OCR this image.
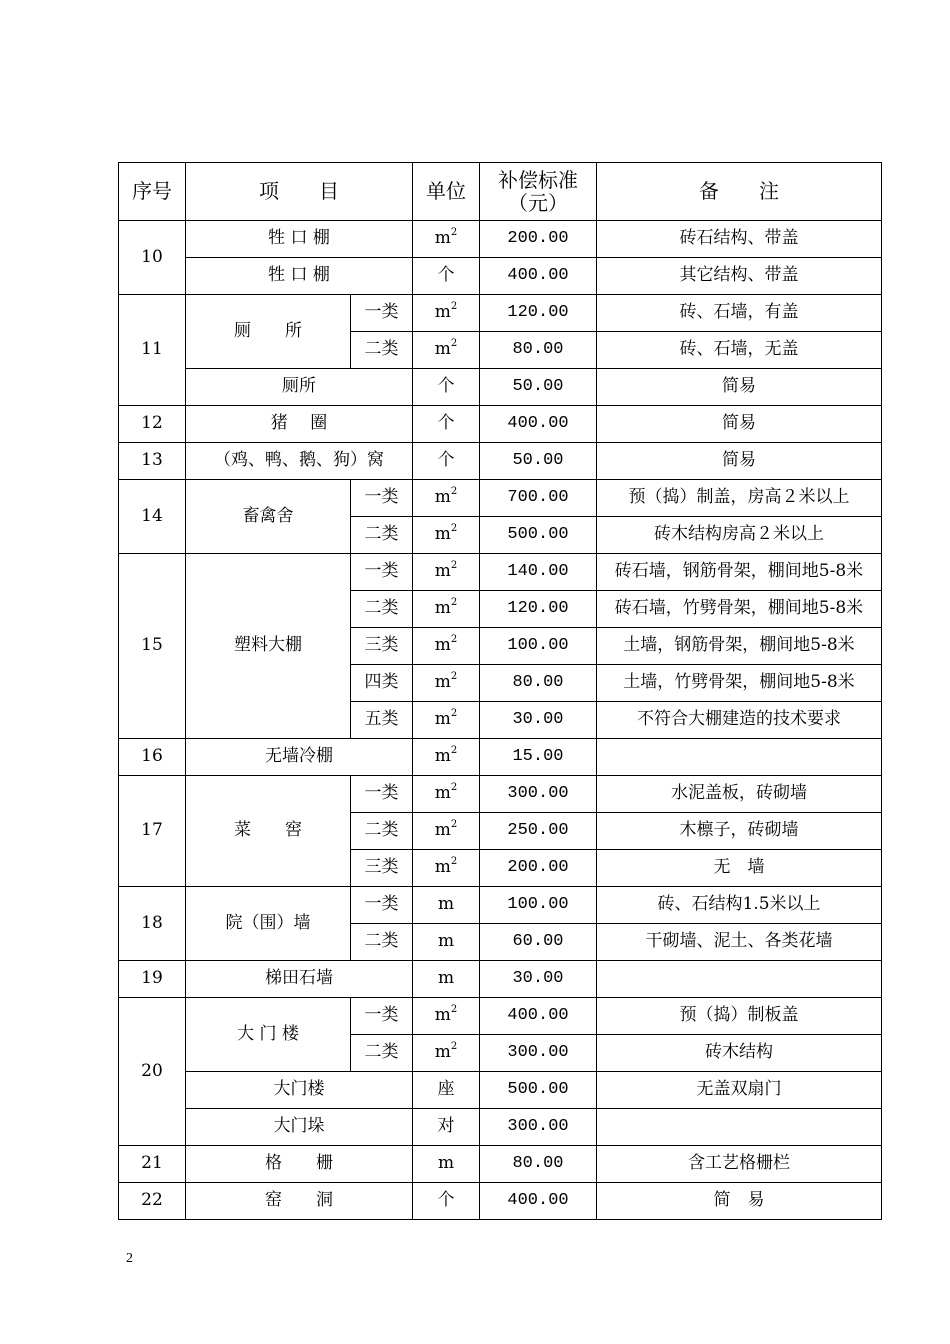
序号	项　　目		单位	补偿标准（元）	备　　注
10	牲 口 棚		$m^2$	200.00	砖石结构、带盖
	牲 口 棚		个	400.00	其它结构、带盖
11	厕　　所	一类	$m^2$	120.00	砖、石墙，有盖
		二类	$m^2$	80.00	砖、石墙，无盖
	厕所		个	50.00	简易
12	猪　 圈		个	400.00	简易
13	（鸡、鸭、鹅、狗）窝		个	50.00	简易
14	畜禽舍	一类	$m^2$	700.00	预（捣）制盖，房高２米以上
		二类	$m^2$	500.00	砖木结构房高２米以上
15	塑料大棚	一类	$m^2$	140.00	砖石墙，钢筋骨架，棚间地5-8米
		二类	$m^2$	120.00	砖石墙，竹劈骨架，棚间地5-8米
		三类	$m^2$	100.00	土墙，钢筋骨架，棚间地5-8米
		四类	$m^2$	80.00	土墙，竹劈骨架，棚间地5-8米
		五类	$m^2$	30.00	不符合大棚建造的技术要求
16	无墙冷棚		$m^2$	15.00	
17	菜　　窖	一类	$m^2$	300.00	水泥盖板，砖砌墙
		二类	$m^2$	250.00	木檩子，砖砌墙
		三类	$m^2$	200.00	无　墙
18	院（围）墙	一类	m	100.00	砖、石结构1.5米以上
		二类	m	60.00	干砌墙、泥土、各类花墙
19	梯田石墙		m	30.00	
20	大 门 楼	一类	$m^2$	400.00	预（捣）制板盖
		二类	$m^2$	300.00	砖木结构
	大门楼		座	500.00	无盖双扇门
	大门垛		对	300.00	
21	格　　栅		m	80.00	含工艺格栅栏
22	窑　　洞		个	400.00	简　易
2
